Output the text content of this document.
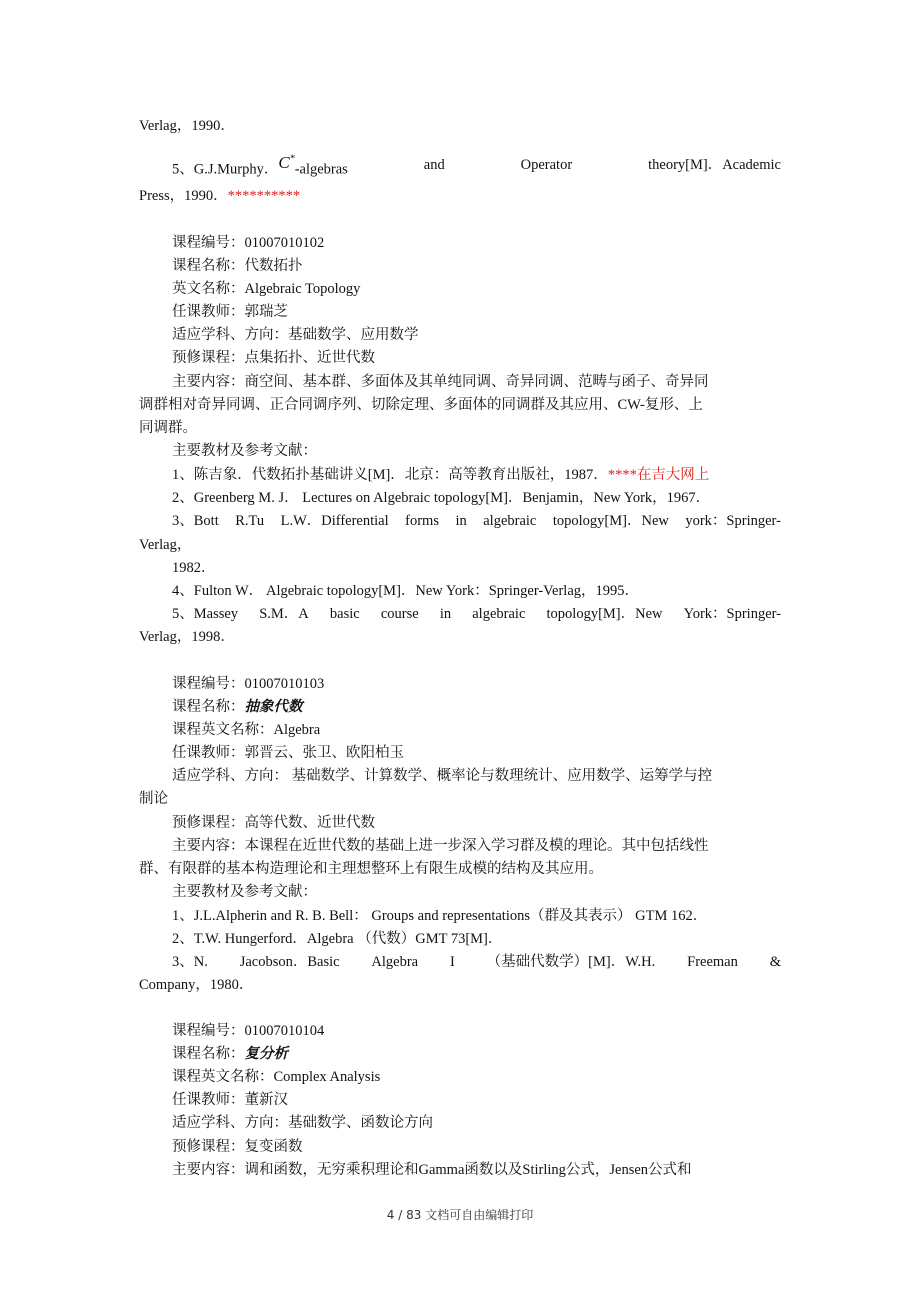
Verlag，1990．
5、G.J.Murphy．C*-algebras	and	Operator	theory[M]．Academic
Press，1990．**********
课程编号：01007010102
课程名称：代数拓扑
英文名称：Algebraic Topology
任课教师：郭瑞芝
适应学科、方向：基础数学、应用数学
预修课程：点集拓扑、近世代数
主要内容：商空间、基本群、多面体及其单纯同调、奇异同调、范畴与函子、奇异同
调群相对奇异同调、正合同调序列、切除定理、多面体的同调群及其应用、CW-复形、上
同调群。
主要教材及参考文献：
1、陈吉象．代数拓扑基础讲义[M]．北京：高等教育出版社，1987．****在吉大网上
2、Greenberg M. J． Lectures on Algebraic topology[M]．Benjamin，New York，1967．
3、Bott R.Tu L.W．Differential forms in algebraic topology[M]．New york：Springer-
Verlag，
1982．
4、Fulton W． Algebraic topology[M]．New York：Springer-Verlag，1995．
5、Massey S.M．A basic course in algebraic topology[M]．New York：Springer-
Verlag，1998．
课程编号：01007010103
课程名称：抽象代数
课程英文名称：Algebra
任课教师：郭晋云、张卫、欧阳柏玉
适应学科、方向： 基础数学、计算数学、概率论与数理统计、应用数学、运筹学与控
制论
预修课程：高等代数、近世代数
主要内容：本课程在近世代数的基础上进一步深入学习群及模的理论。其中包括线性
群、有限群的基本构造理论和主理想整环上有限生成模的结构及其应用。
主要教材及参考文献：
1、J.L.Alpherin and R. B. Bell： Groups and representations（群及其表示） GTM 162．
2、T.W. Hungerford．Algebra （代数）GMT 73[M]．
3、N. Jacobson．Basic Algebra I （基础代数学）[M]．W.H. Freeman &
Company，1980．
课程编号：01007010104
课程名称：复分析
课程英文名称：Complex Analysis
任课教师：董新汉
适应学科、方向：基础数学、函数论方向
预修课程：复变函数
主要内容：调和函数，无穷乘积理论和Gamma函数以及Stirling公式，Jensen公式和
4 / 83 文档可自由编辑打印
